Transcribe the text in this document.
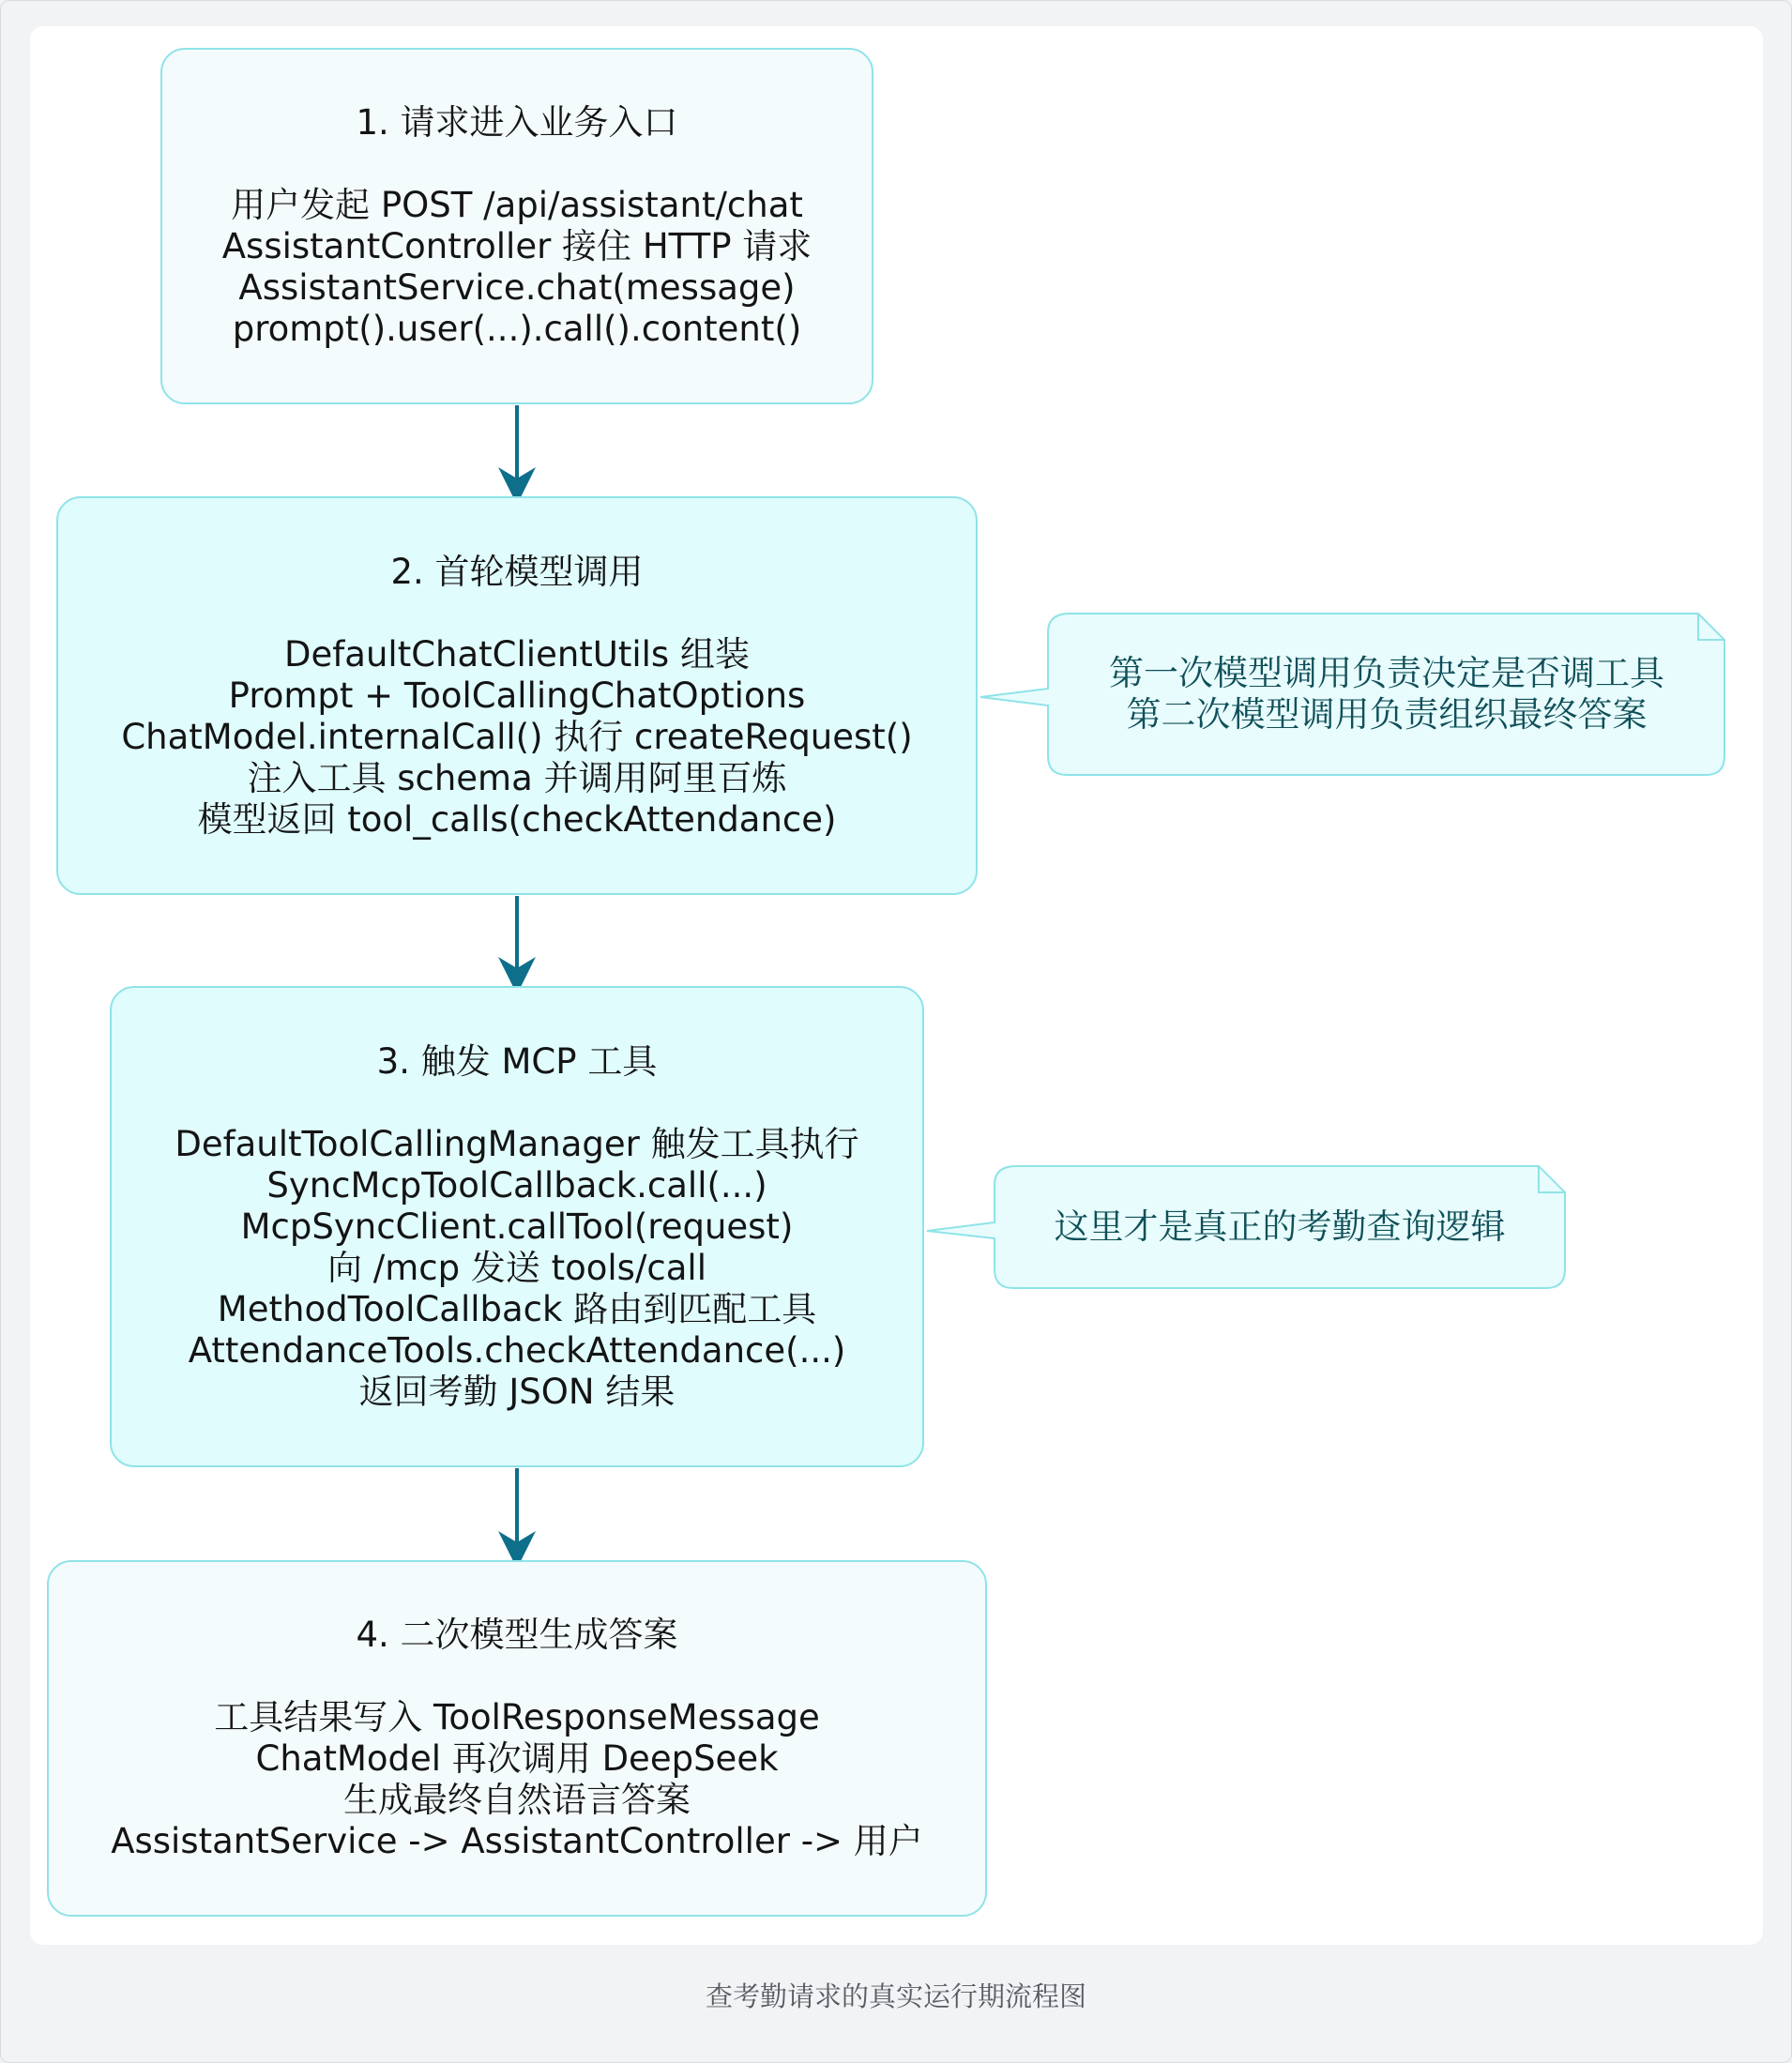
1. 请求进入业务入口
用户发起 POST /api/assistant/chat
AssistantController 接住 HTTP 请求
AssistantService.chat(message)
prompt().user(...).call().content()
2. 首轮模型调用
DefaultChatClientUtils 组装
Prompt + ToolCallingChatOptions
ChatModel.internalCall() 执行 createRequest()
注入工具 schema 并调用阿里百炼
模型返回 tool_calls(checkAttendance)
3. 触发 MCP 工具
DefaultToolCallingManager 触发工具执行
SyncMcpToolCallback.call(...)
McpSyncClient.callTool(request)
向 /mcp 发送 tools/call
MethodToolCallback 路由到匹配工具
AttendanceTools.checkAttendance(...)
返回考勤 JSON 结果
4. 二次模型生成答案
工具结果写入 ToolResponseMessage
ChatModel 再次调用 DeepSeek
生成最终自然语言答案
AssistantService -> AssistantController -> 用户
第一次模型调用负责决定是否调工具
第二次模型调用负责组织最终答案
这里才是真正的考勤查询逻辑
查考勤请求的真实运行期流程图
